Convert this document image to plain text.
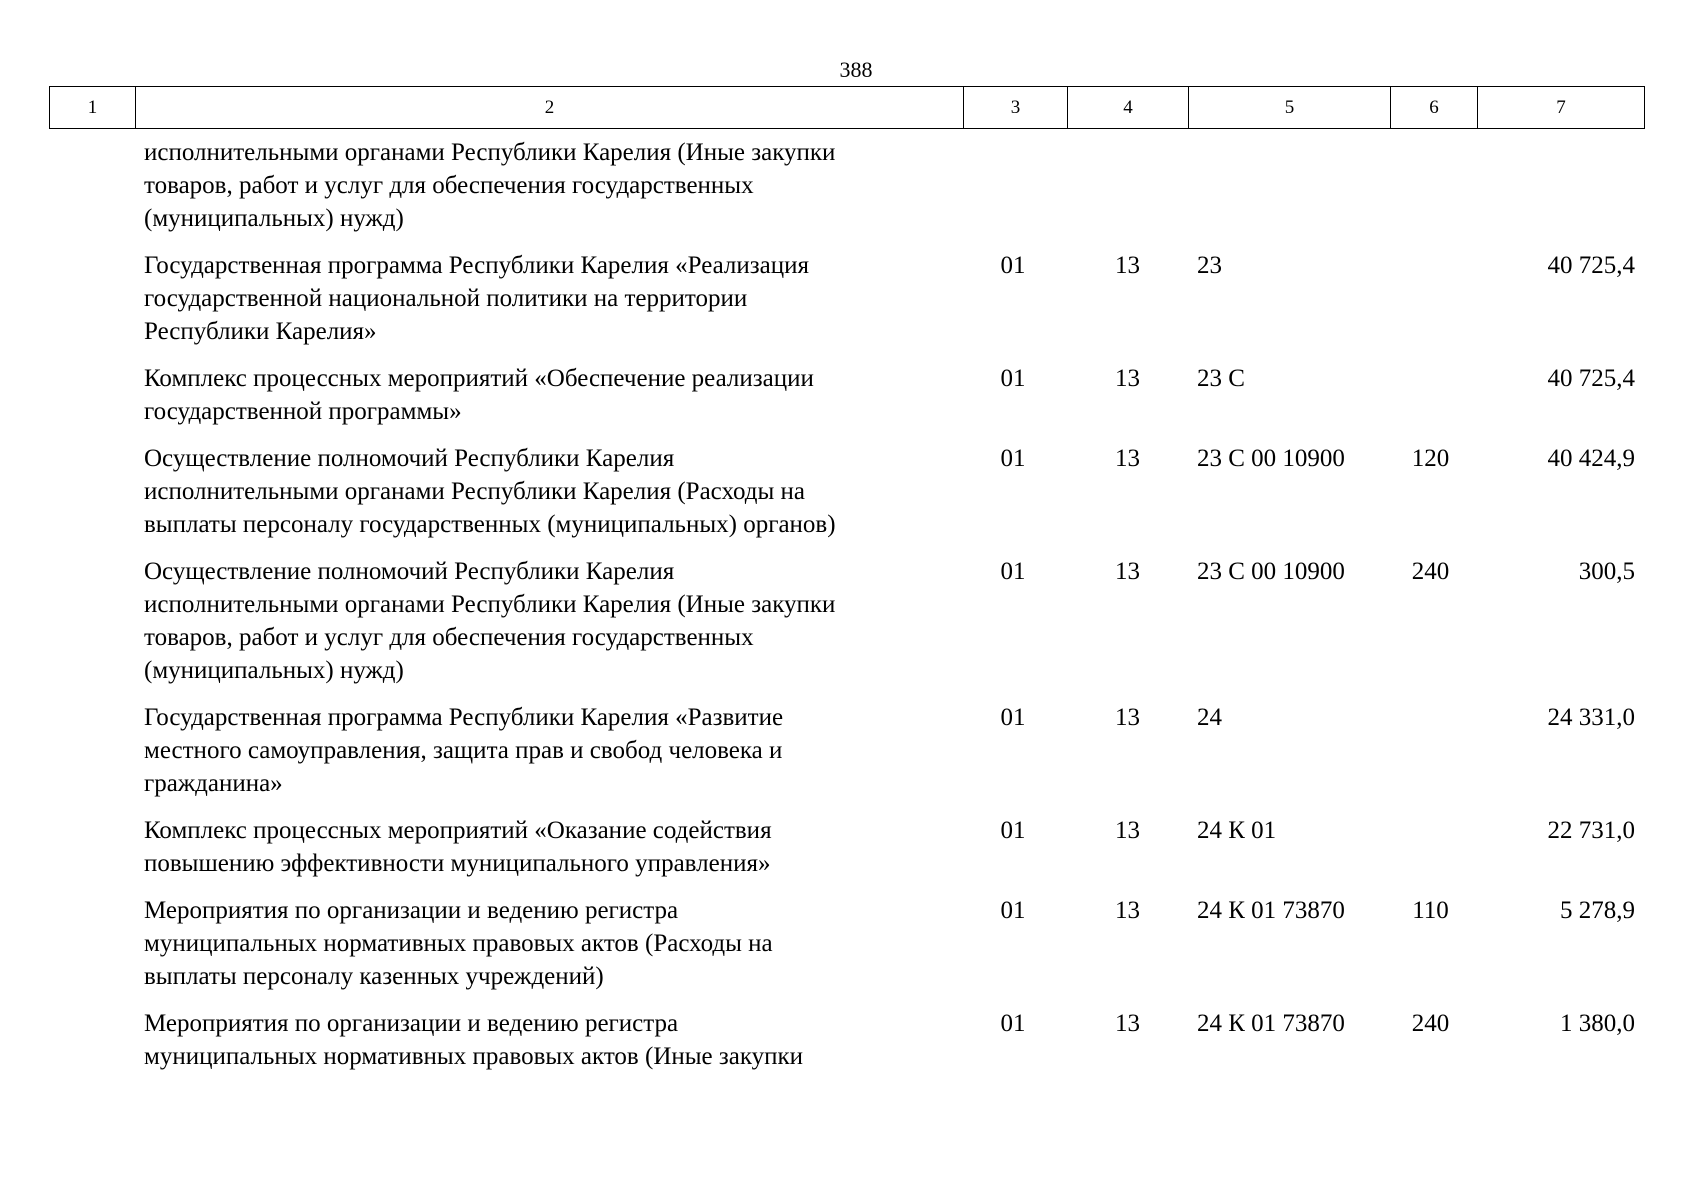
388
1	2	3	4	5	6	7

	исполнительными органами Республики Карелия (Иные закупки
товаров, работ и услуг для обеспечения государственных
(муниципальных) нужд)					

	Государственная программа Республики Карелия «Реализация
государственной национальной политики на территории
Республики Карелия»	01	13	23		40 725,4

	Комплекс процессных мероприятий «Обеспечение реализации
государственной программы»	01	13	23 С		40 725,4

	Осуществление полномочий Республики Карелия
исполнительными органами Республики Карелия (Расходы на
выплаты персоналу государственных (муниципальных) органов)	01	13	23 С 00 10900	120	40 424,9

	Осуществление полномочий Республики Карелия
исполнительными органами Республики Карелия (Иные закупки
товаров, работ и услуг для обеспечения государственных
(муниципальных) нужд)	01	13	23 С 00 10900	240	300,5

	Государственная программа Республики Карелия «Развитие
местного самоуправления, защита прав и свобод человека и
гражданина»	01	13	24		24 331,0

	Комплекс процессных мероприятий «Оказание содействия
повышению эффективности муниципального управления»	01	13	24 К 01		22 731,0

	Мероприятия по организации и ведению регистра
муниципальных нормативных правовых актов (Расходы на
выплаты персоналу казенных учреждений)	01	13	24 К 01 73870	110	5 278,9

	Мероприятия по организации и ведению регистра
муниципальных нормативных правовых актов (Иные закупки	01	13	24 К 01 73870	240	1 380,0
